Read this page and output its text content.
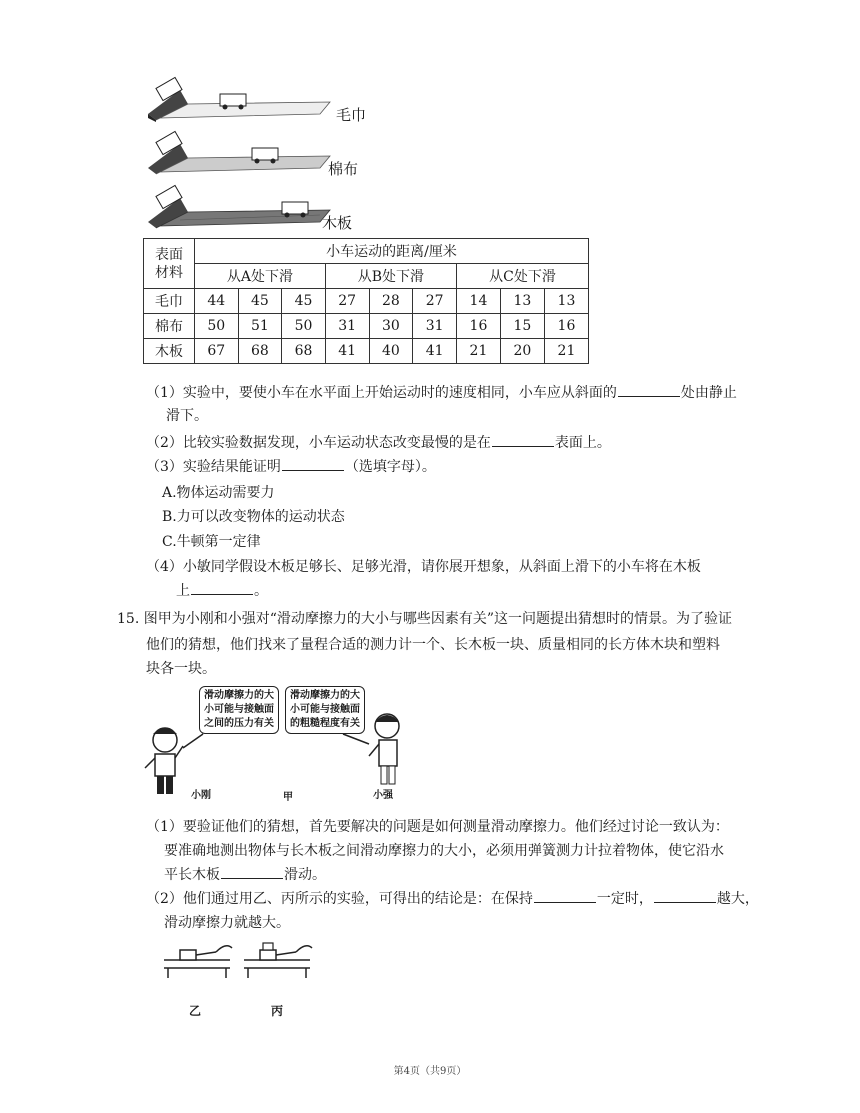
毛巾
棉布
木板
表面
材料	小车运动的距离/厘米								
	从A处下滑			从B处下滑			从C处下滑		
毛巾	44	45	45	27	28	27	14	13	13
棉布	50	51	50	31	30	31	16	15	16
木板	67	68	68	41	40	41	21	20	21
（1）实验中，要使小车在水平面上开始运动时的速度相同，小车应从斜面的	处由静止
滑下。
（2）比较实验数据发现，小车运动状态改变最慢的是在	表面上。
（3）实验结果能证明	（选填字母）。
A.物体运动需要力
B.力可以改变物体的运动状态
C.牛顿第一定律
（4）小敏同学假设木板足够长、足够光滑，请你展开想象，从斜面上滑下的小车将在木板
上	。
15. 图甲为小刚和小强对“滑动摩擦力的大小与哪些因素有关”这一问题提出猜想时的情景。为了验证
他们的猜想，他们找来了量程合适的测力计一个、长木板一块、质量相同的长方体木块和塑料
块各一块。
滑动摩擦力的大
小可能与接触面
之间的压力有关
滑动摩擦力的大
小可能与接触面
的粗糙程度有关
小刚	甲	小强
（1）要验证他们的猜想，首先要解决的问题是如何测量滑动摩擦力。他们经过讨论一致认为：
要准确地测出物体与长木板之间滑动摩擦力的大小，必须用弹簧测力计拉着物体，使它沿水
平长木板	滑动。
（2）他们通过用乙、丙所示的实验，可得出的结论是：在保持	一定时，	越大，
滑动摩擦力就越大。
乙	丙
第4页（共9页）
